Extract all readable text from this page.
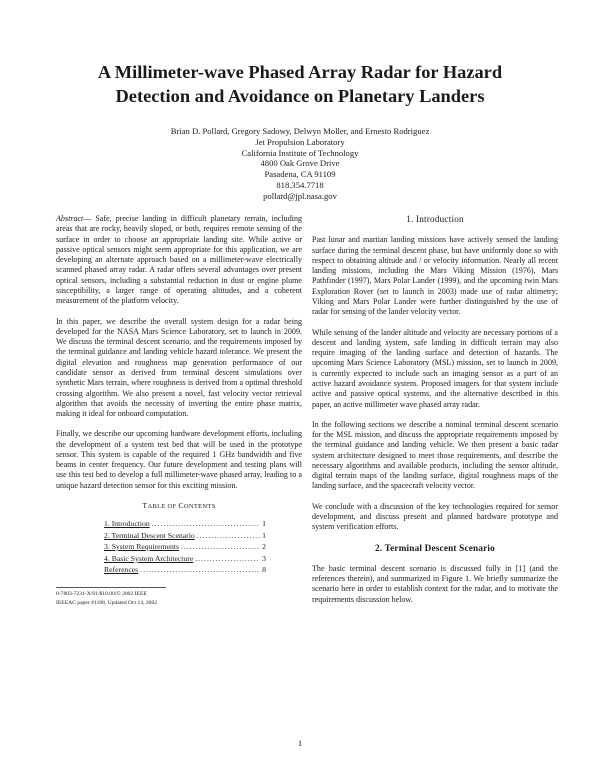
A Millimeter-wave Phased Array Radar for Hazard
Detection and Avoidance on Planetary Landers
Brian D. Pollard, Gregory Sadowy, Delwyn Moller, and Ernesto Rodriguez
Jet Propulsion Laboratory
California Institute of Technology
4800 Oak Grove Drive
Pasadena, CA 91109
818.354.7718
pollard@jpl.nasa.gov

Abstract— Safe, precise landing in difficult planetary terrain, including areas that are rocky, heavily sloped, or both, requires remote sensing of the surface in order to choose an appropriate landing site. While active or passive optical sensors might seem appropriate for this application, we are developing an alternate approach based on a millimeter-wave electrically scanned phased array radar. A radar offers several advantages over present optical sensors, including a substantial reduction in dust or engine plume susceptibility, a larger range of operating altitudes, and a coherent measurement of the platform velocity.

In this paper, we describe the overall system design for a radar being developed for the NASA Mars Science Laboratory, set to launch in 2009. We discuss the terminal descent scenario, and the requirements imposed by the terminal guidance and landing vehicle hazard tolerance. We present the digital elevation and roughness map generation performance of our candidate sensor as derived from terminal descent simulations over synthetic Mars terrain, where roughness is derived from a optimal threshold crossing algorithm. We also present a novel, fast velocity vector retrieval algorithm that avoids the necessity of inverting the entire phase matrix, making it ideal for onboard computation.

Finally, we describe our upcoming hardware development efforts, including the development of a system test bed that will be used in the prototype sensor. This system is capable of the required 1 GHz bandwidth and five beams in center frequency. Our future development and testing plans will use this test bed to develop a full millimeter-wave phased array, leading to a unique hazard detection sensor for this exciting mission.

TABLE OF CONTENTS
1. Introduction .....	1
2. Terminal Descent Scenario .....	1
3. System Requirements .....	2
4. Basic System Architecture .....	3
References .....	8
0-7803-7231-X/01/$10.00/© 2002 IEEE
IEEEAC paper #1188, Updated Oct 14, 2002
1. Introduction

Past lunar and martian landing missions have actively sensed the landing surface during the terminal descent phase, but have uniformly done so with respect to obtaining altitude and / or velocity information. Nearly all recent landing missions, including the Mars Viking Mission (1976), Mars Pathfinder (1997), Mars Polar Lander (1999), and the upcoming twin Mars Exploration Rover (set to launch in 2003) made use of radar altimetry; Viking and Mars Polar Lander were further distinguished by the use of radar for sensing of the lander velocity vector.

While sensing of the lander altitude and velocity are necessary portions of a descent and landing system, safe landing in difficult terrain may also require imaging of the landing surface and detection of hazards. The upcoming Mars Science Laboratory (MSL) mission, set to launch in 2009, is currently expected to include such an imaging sensor as a part of an active hazard avoidance system. Proposed imagers for that system include active and passive optical systems, and the alternative described in this paper, an active millimeter wave phased array radar.

In the following sections we describe a nominal terminal descent scenario for the MSL mission, and discuss the appropriate requirements imposed by the terminal guidance and landing vehicle. We then present a basic radar system architecture designed to meet those requirements, and describe the necessary algorithms and available products, including the sensor altitude, digital terrain maps of the landing surface, digital roughness maps of the landing surface, and the spacecraft velocity vector.

We conclude with a discussion of the key technologies required for sensor development, and discuss present and planned hardware prototype and system verification efforts.

2. Terminal Descent Scenario

The basic terminal descent scenario is discussed fully in [1] (and the references therein), and summarized in Figure 1. We briefly summarize the scenario here in order to establish context for the radar, and to motivate the requirements discussion below.

1
